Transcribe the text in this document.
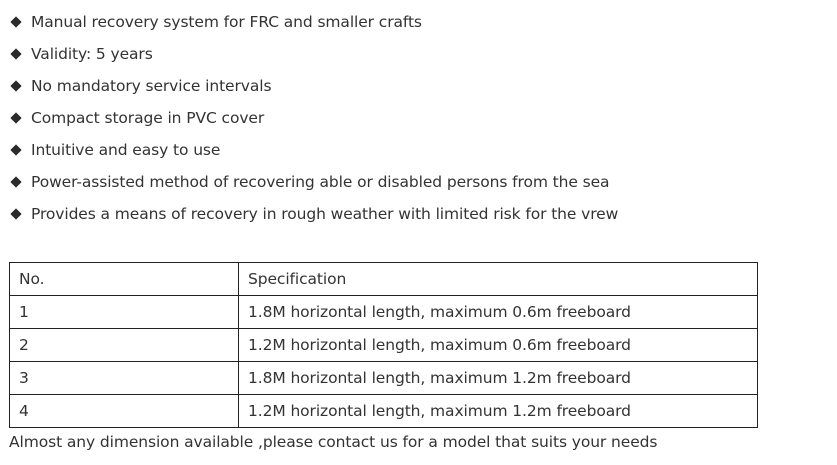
Manual recovery system for FRC and smaller crafts
Validity: 5 years
No mandatory service intervals
Compact storage in PVC cover
Intuitive and easy to use
Power-assisted method of recovering able or disabled persons from the sea
Provides a means of recovery in rough weather with limited risk for the vrew
No.	Specification
1	1.8M horizontal length, maximum 0.6m freeboard
2	1.2M horizontal length, maximum 0.6m freeboard
3	1.8M horizontal length, maximum 1.2m freeboard
4	1.2M horizontal length, maximum 1.2m freeboard
Almost any dimension available ,please contact us for a model that suits your needs
